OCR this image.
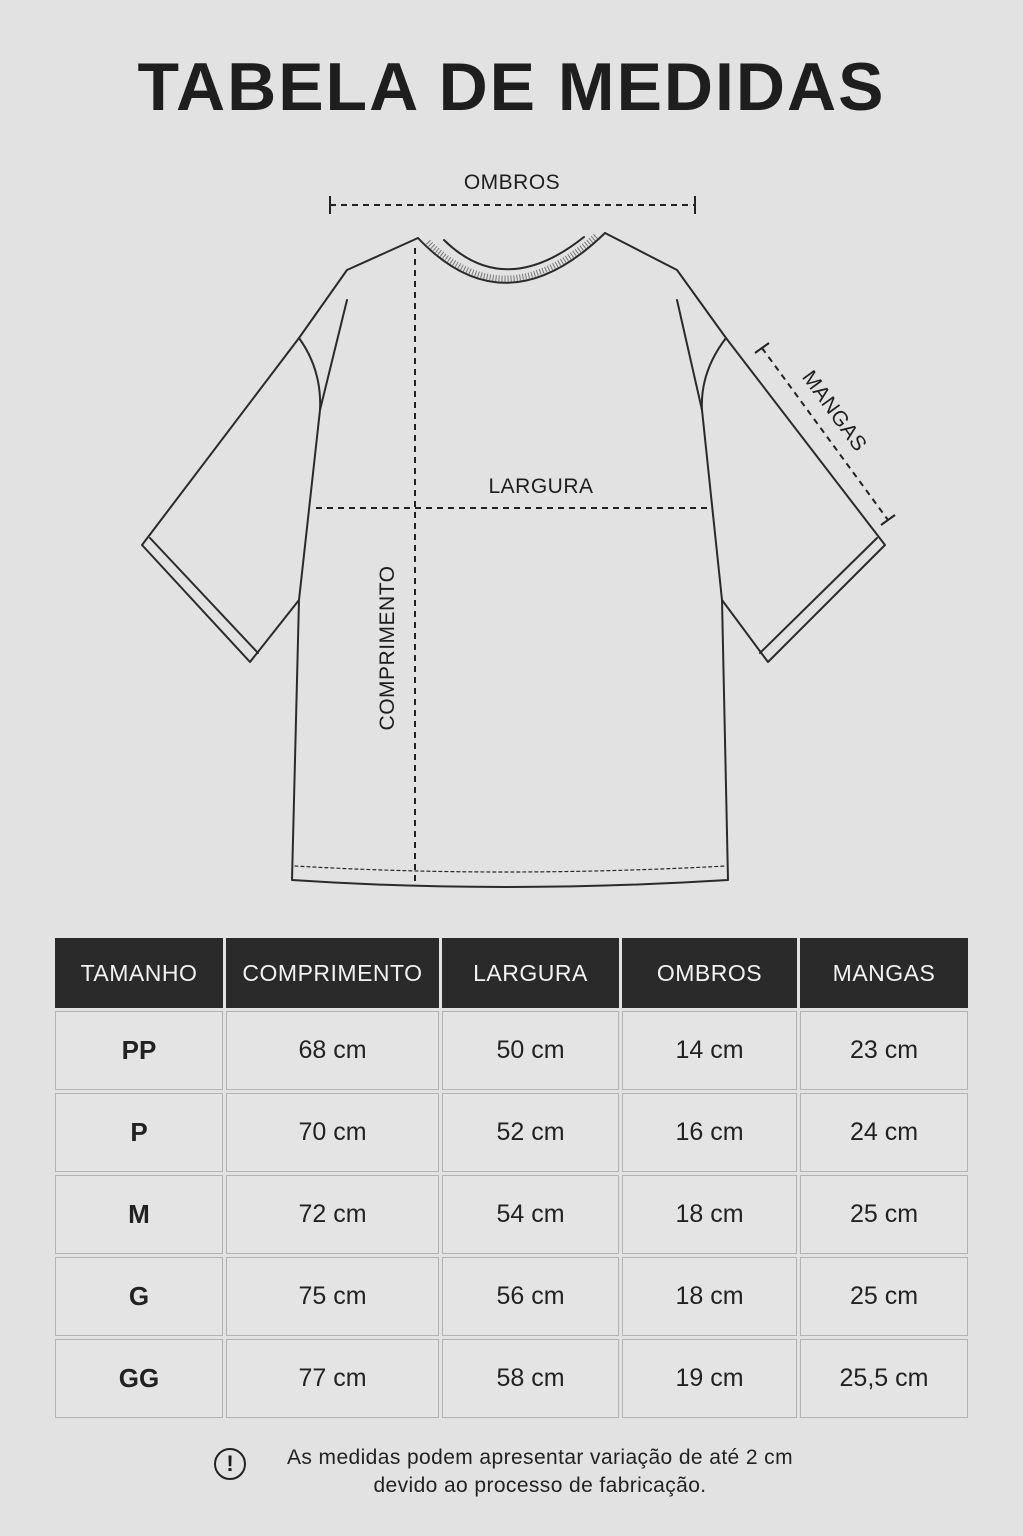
TABELA DE MEDIDAS
OMBROS
LARGURA
COMPRIMENTO
MANGAS
TAMANHO	COMPRIMENTO	LARGURA	OMBROS	MANGAS
PP	68 cm	50 cm	14 cm	23 cm
P	70 cm	52 cm	16 cm	24 cm
M	72 cm	54 cm	18 cm	25 cm
G	75 cm	56 cm	18 cm	25 cm
GG	77 cm	58 cm	19 cm	25,5 cm
!	As medidas podem apresentar variação de até 2 cm
devido ao processo de fabricação.
